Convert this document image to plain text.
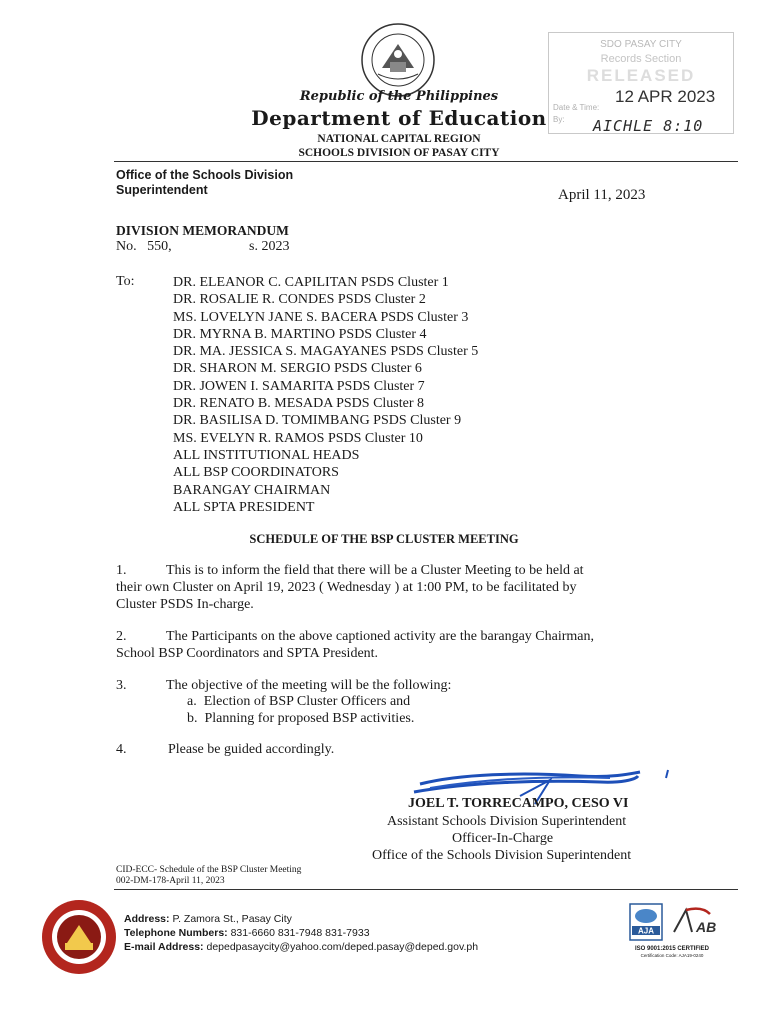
Republic of the Philippines
Department of Education
NATIONAL CAPITAL REGION
SCHOOLS DIVISION OF PASAY CITY
SDO PASAY CITY
Records Section
RELEASED
Date & Time:
By:
12 APR 2023
AICHLE 8:10
Office of the Schools Division
Superintendent	April 11, 2023
DIVISION MEMORANDUM
No.   550,	s. 2023
To:	DR. ELEANOR C. CAPILITAN PSDS Cluster 1
DR. ROSALIE R. CONDES PSDS Cluster 2
MS. LOVELYN JANE S. BACERA PSDS Cluster 3
DR. MYRNA B. MARTINO PSDS Cluster 4
DR. MA. JESSICA S. MAGAYANES PSDS Cluster 5
DR. SHARON M. SERGIO PSDS Cluster 6
DR. JOWEN I. SAMARITA PSDS Cluster 7
DR. RENATO B. MESADA PSDS Cluster 8
DR. BASILISA D. TOMIMBANG PSDS Cluster 9
MS. EVELYN R. RAMOS PSDS Cluster 10
ALL INSTITUTIONAL HEADS
ALL BSP COORDINATORS
BARANGAY CHAIRMAN
ALL SPTA PRESIDENT
SCHEDULE OF THE BSP CLUSTER MEETING
1.	This is to inform the field that there will be a Cluster Meeting to be held at
their own Cluster on April 19, 2023 ( Wednesday ) at 1:00 PM, to be facilitated by
Cluster PSDS In-charge.
2.	The Participants on the above captioned activity are the barangay Chairman,
School BSP Coordinators and SPTA President.
3.	The objective of the meeting will be the following:
a.  Election of BSP Cluster Officers and
b.  Planning for proposed BSP activities.
4.	Please be guided accordingly.
JOEL T. TORRECAMPO, CESO VI
Assistant Schools Division Superintendent
Officer-In-Charge
Office of the Schools Division Superintendent
CID-ECC- Schedule of the BSP Cluster Meeting
002-DM-178-April 11, 2023
Address: P. Zamora St., Pasay City
Telephone Numbers: 831-6660 831-7948 831-7933
E-mail Address: depedpasaycity@yahoo.com/deped.pasay@deped.gov.ph
AJA	AB
ISO 9001:2015 CERTIFIED
Certification Code: AJA19-0240
